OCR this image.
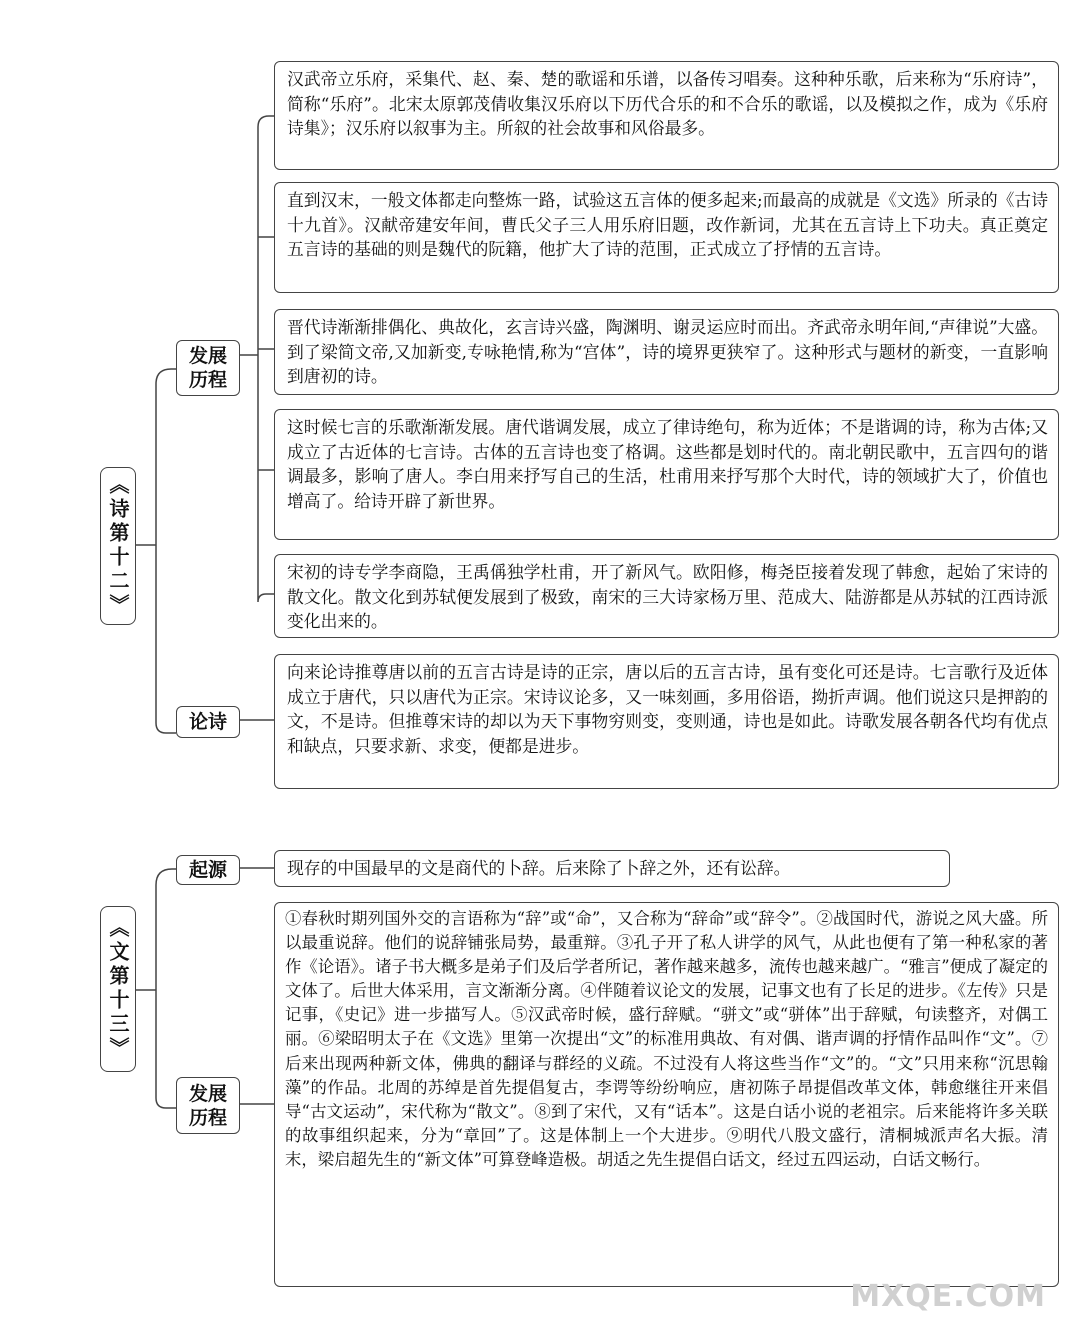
《诗第十二》
发展历程
论诗
汉武帝立乐府，采集代、赵、秦、楚的歌谣和乐谱，以备传习唱奏。这种种乐歌，后来称为“乐府诗”，简称“乐府”。北宋太原郭茂倩收集汉乐府以下历代合乐的和不合乐的歌谣，以及模拟之作，成为《乐府诗集》；汉乐府以叙事为主。所叙的社会故事和风俗最多。
直到汉末，一般文体都走向整炼一路，试验这五言体的便多起来;而最高的成就是《文选》所录的《古诗十九首》。汉献帝建安年间，曹氏父子三人用乐府旧题，改作新词，尤其在五言诗上下功夫。真正奠定五言诗的基础的则是魏代的阮籍，他扩大了诗的范围，正式成立了抒情的五言诗。
晋代诗渐渐排偶化、典故化，玄言诗兴盛，陶渊明、谢灵运应时而出。齐武帝永明年间,“声律说”大盛。到了梁简文帝,又加新变,专咏艳情,称为“宫体”，诗的境界更狭窄了。这种形式与题材的新变，一直影响到唐初的诗。
这时候七言的乐歌渐渐发展。唐代谐调发展，成立了律诗绝句，称为近体；不是谐调的诗，称为古体;又成立了古近体的七言诗。古体的五言诗也变了格调。这些都是划时代的。南北朝民歌中，五言四句的谐调最多，影响了唐人。李白用来抒写自己的生活，杜甫用来抒写那个大时代，诗的领域扩大了，价值也增高了。给诗开辟了新世界。
宋初的诗专学李商隐，王禹偁独学杜甫，开了新风气。欧阳修，梅尧臣接着发现了韩愈，起始了宋诗的散文化。散文化到苏轼便发展到了极致，南宋的三大诗家杨万里、范成大、陆游都是从苏轼的江西诗派变化出来的。
向来论诗推尊唐以前的五言古诗是诗的正宗，唐以后的五言古诗，虽有变化可还是诗。七言歌行及近体成立于唐代，只以唐代为正宗。宋诗议论多，又一味刻画，多用俗语，拗折声调。他们说这只是押韵的文，不是诗。但推尊宋诗的却以为天下事物穷则变，变则通，诗也是如此。诗歌发展各朝各代均有优点和缺点，只要求新、求变，便都是进步。
《文第十三》
起源
发展历程
现存的中国最早的文是商代的卜辞。后来除了卜辞之外，还有讼辞。
①春秋时期列国外交的言语称为“辞”或“命”，又合称为“辞命”或“辞令”。②战国时代，游说之风大盛。所以最重说辞。他们的说辞铺张局势，最重辩。③孔子开了私人讲学的风气，从此也便有了第一种私家的著作《论语》。诸子书大概多是弟子们及后学者所记，著作越来越多，流传也越来越广。“雅言”便成了凝定的文体了。后世大体采用，言文渐渐分离。④伴随着议论文的发展，记事文也有了长足的进步。《左传》只是记事，《史记》进一步描写人。⑤汉武帝时候，盛行辞赋。“骈文”或“骈体”出于辞赋，句读整齐，对偶工丽。⑥梁昭明太子在《文选》里第一次提出“文”的标准用典故、有对偶、谐声调的抒情作品叫作“文”。⑦后来出现两种新文体，佛典的翻译与群经的义疏。不过没有人将这些当作“文”的。“文”只用来称“沉思翰藻”的作品。北周的苏绰是首先提倡复古，李谔等纷纷响应，唐初陈子昂提倡改革文体，韩愈继往开来倡导“古文运动”，宋代称为“散文”。⑧到了宋代，又有“话本”。这是白话小说的老祖宗。后来能将许多关联的故事组织起来，分为“章回”了。这是体制上一个大进步。⑨明代八股文盛行，清桐城派声名大振。清末，梁启超先生的“新文体”可算登峰造极。胡适之先生提倡白话文，经过五四运动，白话文畅行。
MXQE.COM
